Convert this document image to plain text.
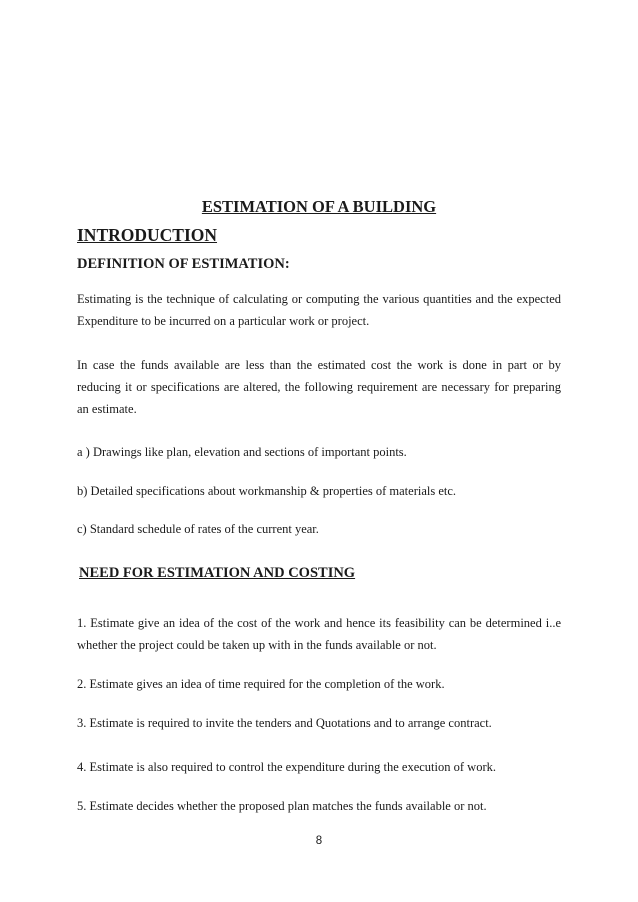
ESTIMATION OF A BUILDING
INTRODUCTION
DEFINITION OF ESTIMATION:

Estimating is the technique of calculating or computing the various quantities and the expected Expenditure to be incurred on a particular work or project.

In case the funds available are less than the estimated cost the work is done in part or by reducing it or specifications are altered, the following requirement are necessary for preparing an estimate.

a ) Drawings like plan, elevation and sections of important points.

b) Detailed specifications about workmanship & properties of materials etc.

c) Standard schedule of rates of the current year.

NEED FOR ESTIMATION AND COSTING

1. Estimate give an idea of the cost of the work and hence its feasibility can be determined i..e whether the project could be taken up with in the funds available or not.

2. Estimate gives an idea of time required for the completion of the work.

3. Estimate is required to invite the tenders and Quotations and to arrange contract.

4. Estimate is also required to control the expenditure during the execution of work.

5. Estimate decides whether the proposed plan matches the funds available or not.

8
